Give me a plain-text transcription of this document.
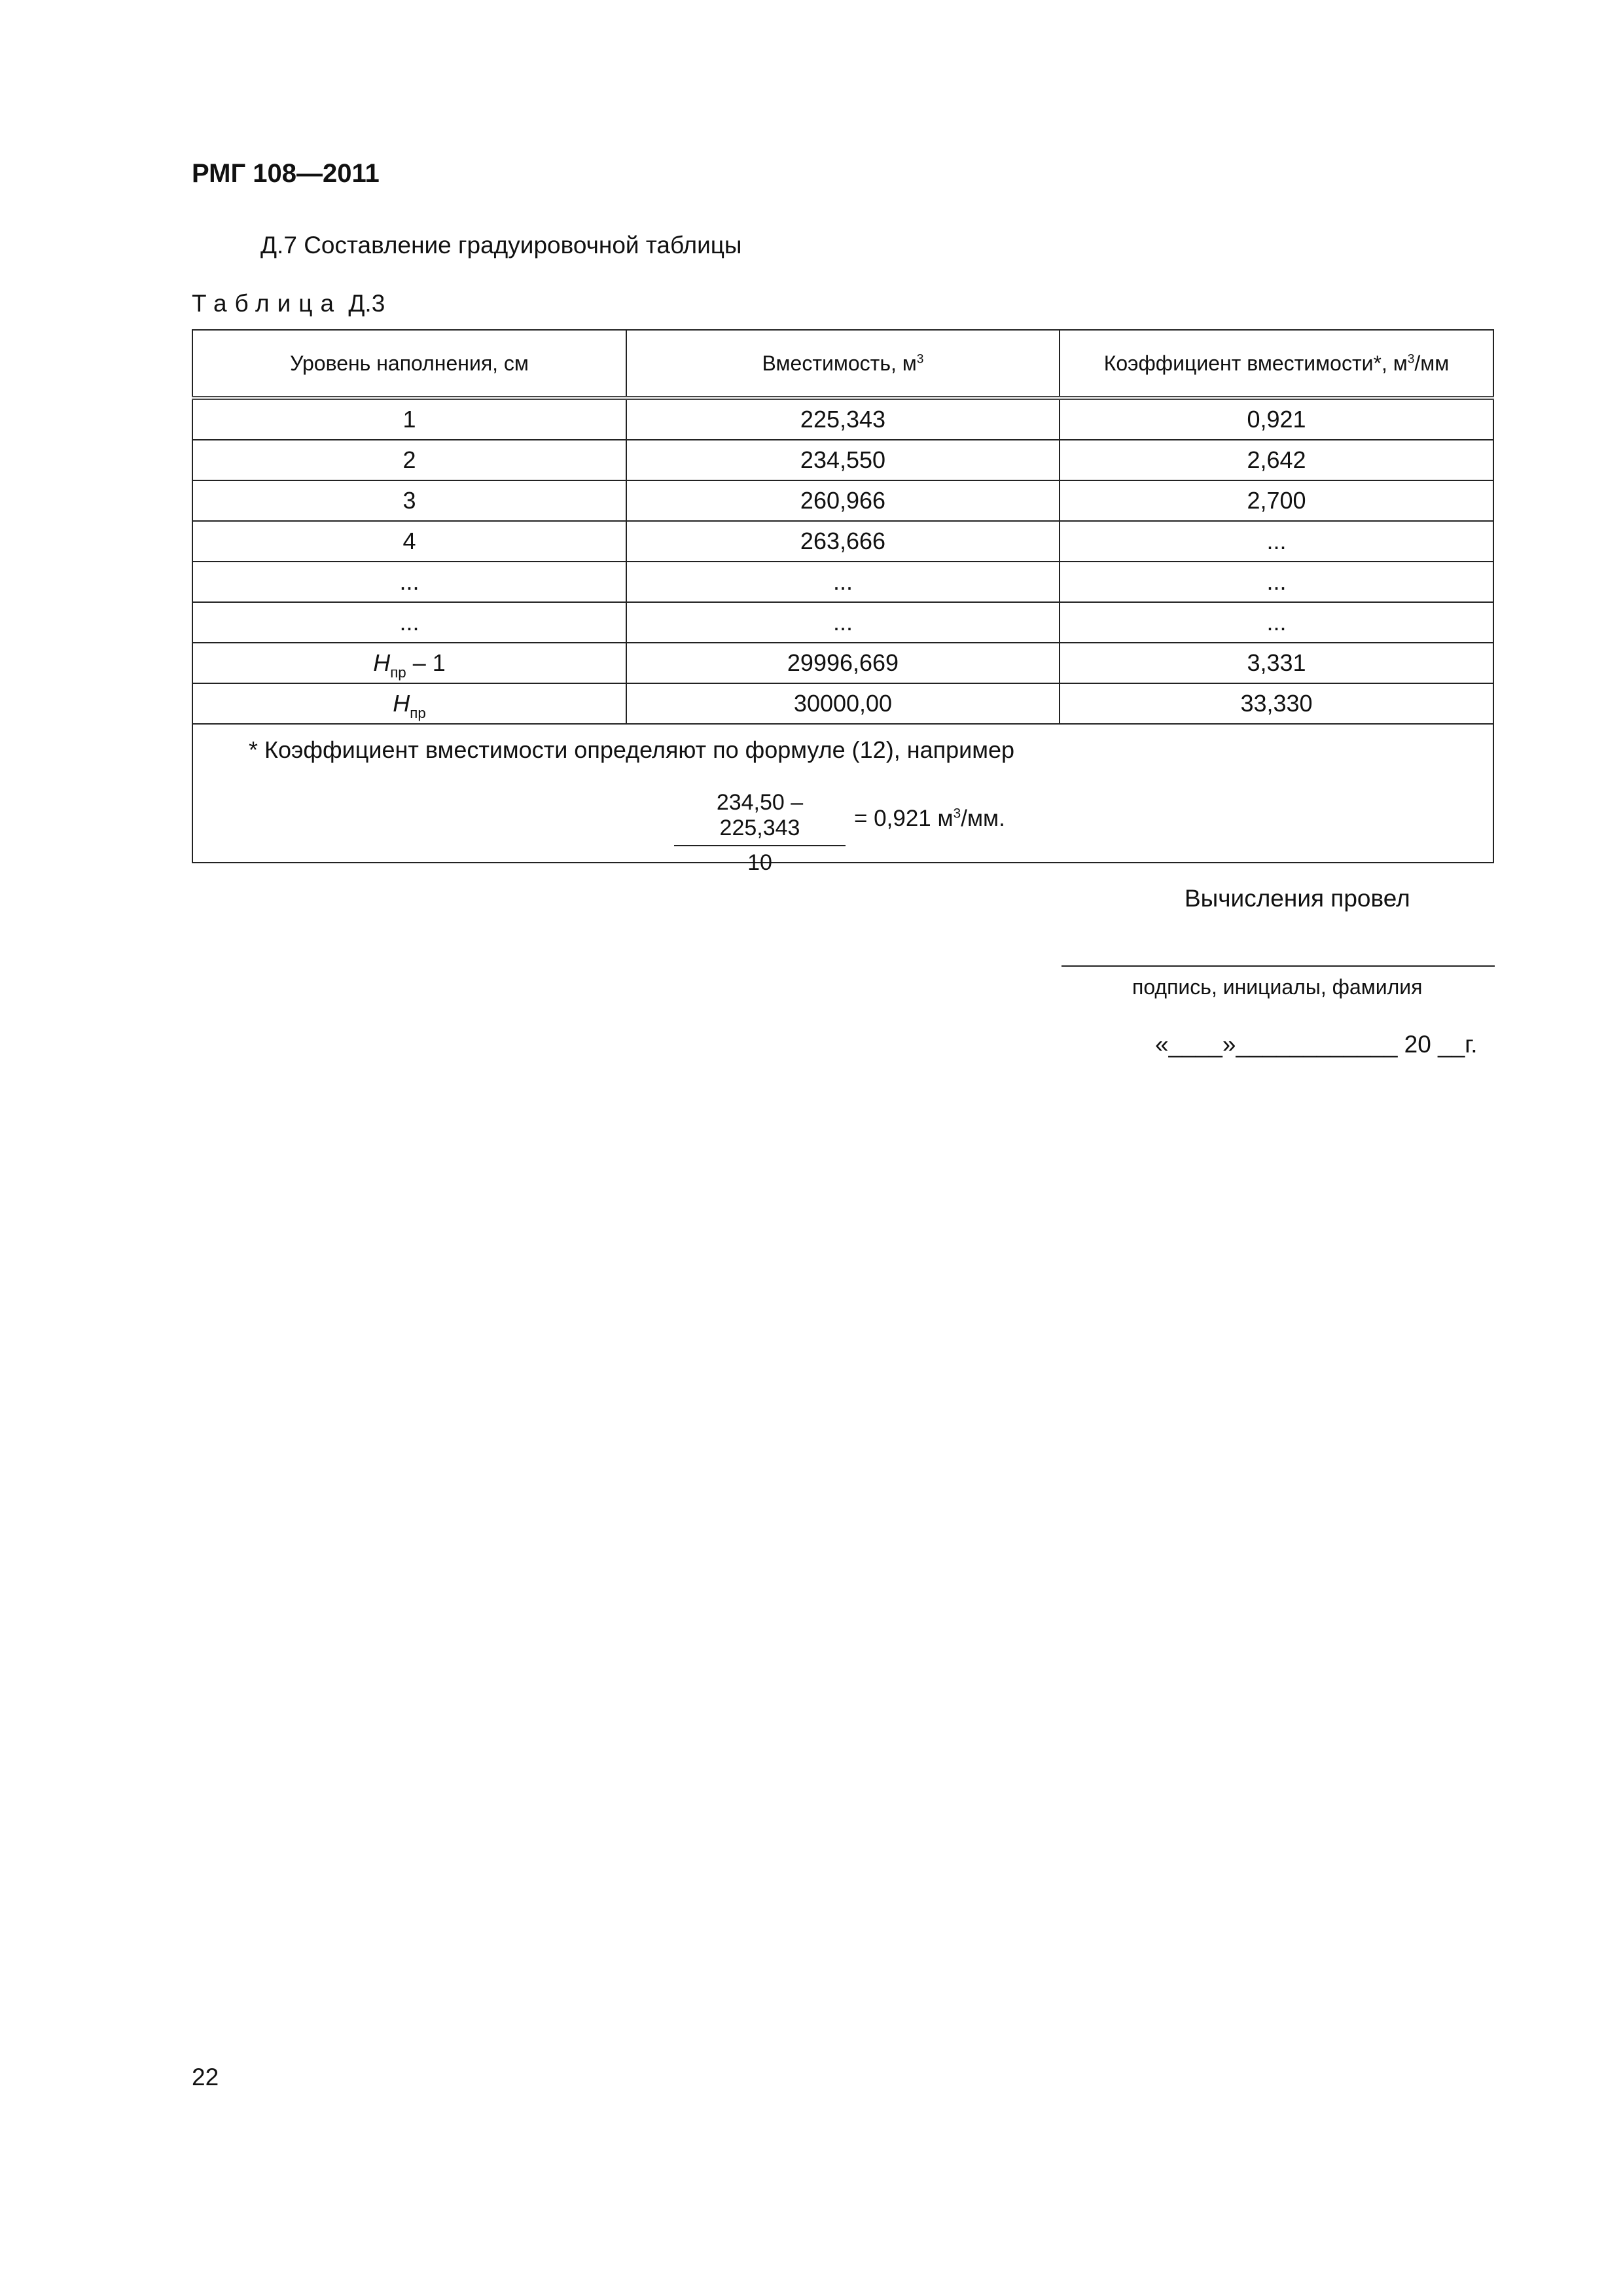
РМГ 108—2011
Д.7 Составление градуировочной таблицы
Таблица Д.3
Уровень наполнения, см	Вместимость, $м^3$	Коэффициент вместимости*, $м^3/мм$
1	225,343	0,921
2	234,550	2,642
3	260,966	2,700
4	263,666	...
...	...	...
...	...	...
$H_{пр} - 1$	29996,669	3,331
$H_{пр}$	30000,00	33,330

* Коэффициент вместимости определяют по формуле (12), например
$\frac{234,50 - 225,343}{10} = 0,921$ $м^3/мм$.		
Вычисления провел
подпись, инициалы, фамилия
«____»____________ 20 __г.
22
